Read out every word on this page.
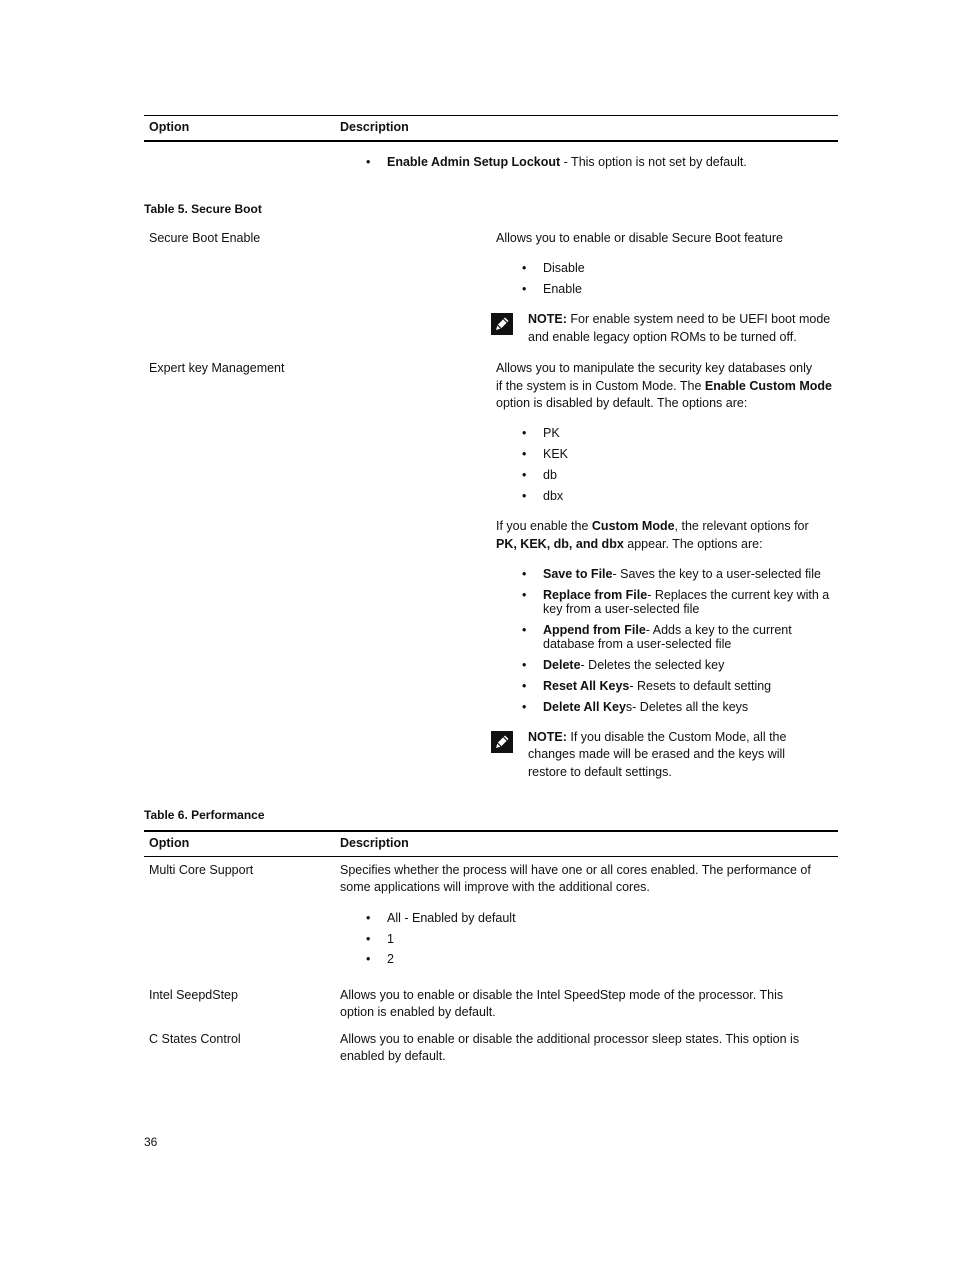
Option	Description
• Enable Admin Setup Lockout - This option is not set by default.
Table 5. Secure Boot
Secure Boot Enable	Allows you to enable or disable Secure Boot feature
• Disable
• Enable
NOTE: For enable system need to be UEFI boot mode
and enable legacy option ROMs to be turned off.
Expert key Management	Allows you to manipulate the security key databases only
if the system is in Custom Mode. The Enable Custom Mode
option is disabled by default. The options are:
• PK
• KEK
• db
• dbx
If you enable the Custom Mode, the relevant options for
PK, KEK, db, and dbx appear. The options are:
• Save to File- Saves the key to a user-selected file
• Replace from File- Replaces the current key with a
key from a user-selected file
• Append from File- Adds a key to the current
database from a user-selected file
• Delete- Deletes the selected key
• Reset All Keys- Resets to default setting
• Delete All Keys- Deletes all the keys
NOTE: If you disable the Custom Mode, all the
changes made will be erased and the keys will
restore to default settings.
Table 6. Performance
Option	Description
Multi Core Support	Specifies whether the process will have one or all cores enabled. The performance of
some applications will improve with the additional cores.
• All - Enabled by default
• 1
• 2
Intel SeepdStep	Allows you to enable or disable the Intel SpeedStep mode of the processor. This
option is enabled by default.
C States Control	Allows you to enable or disable the additional processor sleep states. This option is
enabled by default.
36
